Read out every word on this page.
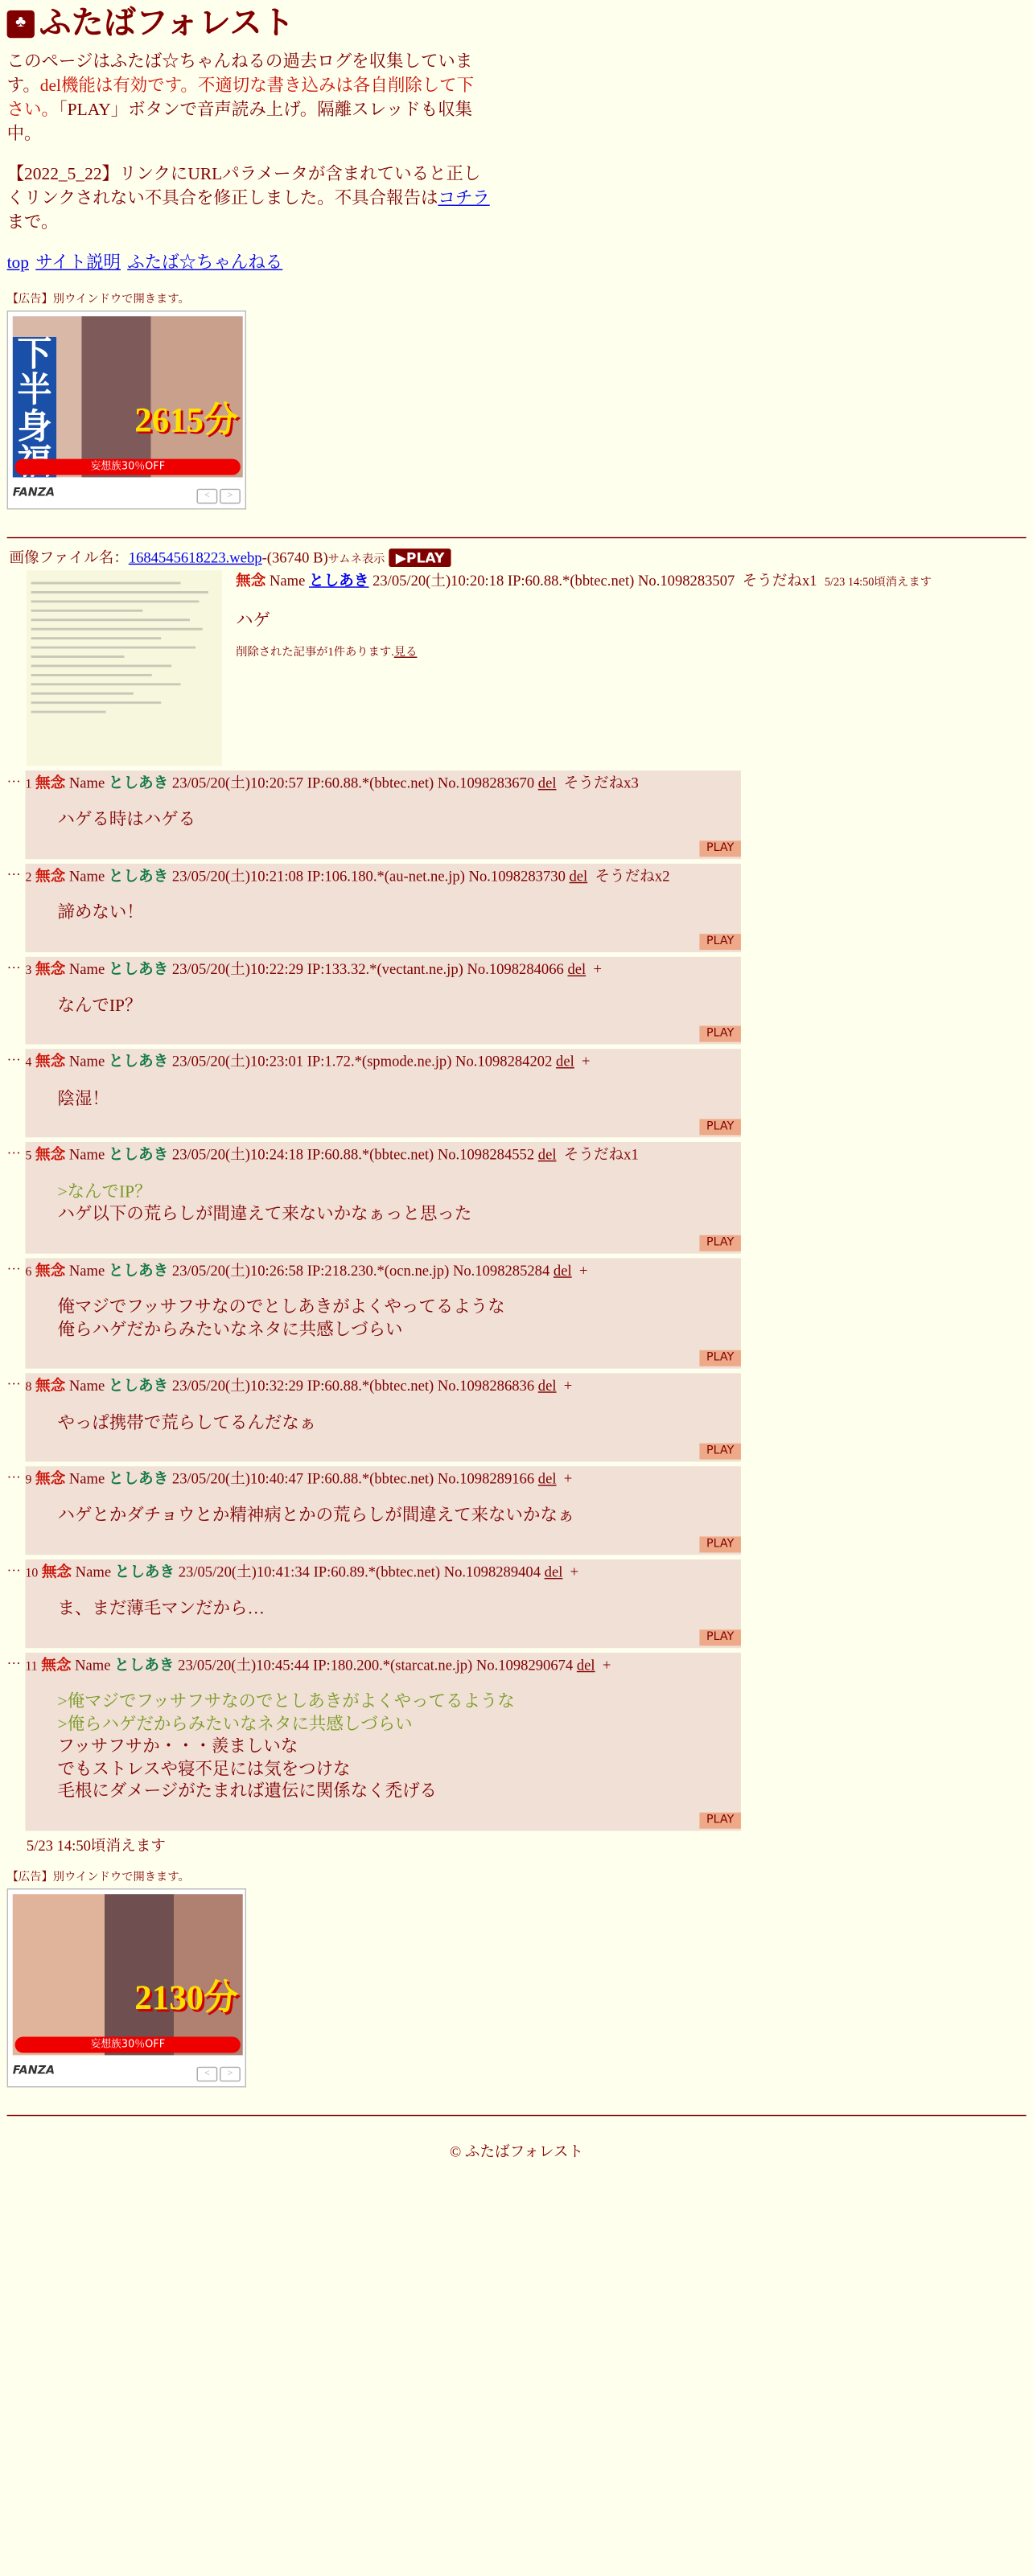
♣ ふたばフォレスト

このページはふたば☆ちゃんねるの過去ログを収集しています。del機能は有効です。不適切な書き込みは各自削除して下さい。「PLAY」ボタンで音声読み上げ。隔離スレッドも収集中。

【2022_5_22】リンクにURLパラメータが含まれていると正しくリンクされない不具合を修正しました。不具合報告はコチラまで。

top サイト説明 ふたば☆ちゃんねる
【広告】別ウインドウで開きます。
下半身	2615分
妄想族30％OFF
FANZA	<	>
画像ファイル名：1684545618223.webp-(36740 B)サムネ表示 ▶PLAY
無念 Name としあき 23/05/20(土)10:20:18 IP:60.88.*(bbtec.net) No.1098283507 そうだねx1 5/23 14:50頃消えます
ハゲ
削除された記事が1件あります.見る
… 1 無念 Name としあき 23/05/20(土)10:20:57 IP:60.88.*(bbtec.net) No.1098283670 del そうだねx3
ハゲる時はハゲる
PLAY
… 2 無念 Name としあき 23/05/20(土)10:21:08 IP:106.180.*(au-net.ne.jp) No.1098283730 del そうだねx2
諦めない！
PLAY
… 3 無念 Name としあき 23/05/20(土)10:22:29 IP:133.32.*(vectant.ne.jp) No.1098284066 del +
なんでIP？
PLAY
… 4 無念 Name としあき 23/05/20(土)10:23:01 IP:1.72.*(spmode.ne.jp) No.1098284202 del +
陰湿！
PLAY
… 5 無念 Name としあき 23/05/20(土)10:24:18 IP:60.88.*(bbtec.net) No.1098284552 del そうだねx1
>なんでIP？
ハゲ以下の荒らしが間違えて来ないかなぁっと思った
PLAY
… 6 無念 Name としあき 23/05/20(土)10:26:58 IP:218.230.*(ocn.ne.jp) No.1098285284 del +
俺マジでフッサフサなのでとしあきがよくやってるような
俺らハゲだからみたいなネタに共感しづらい
PLAY
… 8 無念 Name としあき 23/05/20(土)10:32:29 IP:60.88.*(bbtec.net) No.1098286836 del +
やっぱ携帯で荒らしてるんだなぁ
PLAY
… 9 無念 Name としあき 23/05/20(土)10:40:47 IP:60.88.*(bbtec.net) No.1098289166 del +
ハゲとかダチョウとか精神病とかの荒らしが間違えて来ないかなぁ
PLAY
… 10 無念 Name としあき 23/05/20(土)10:41:34 IP:60.89.*(bbtec.net) No.1098289404 del +
ま、まだ薄毛マンだから…
PLAY
… 11 無念 Name としあき 23/05/20(土)10:45:44 IP:180.200.*(starcat.ne.jp) No.1098290674 del +
>俺マジでフッサフサなのでとしあきがよくやってるような
>俺らハゲだからみたいなネタに共感しづらい
フッサフサか・・・羨ましいな
でもストレスや寝不足には気をつけな
毛根にダメージがたまれば遺伝に関係なく禿げる
PLAY
5/23 14:50頃消えます
【広告】別ウインドウで開きます。
2130分
妄想族30％OFF
FANZA	<	>
© ふたばフォレスト
